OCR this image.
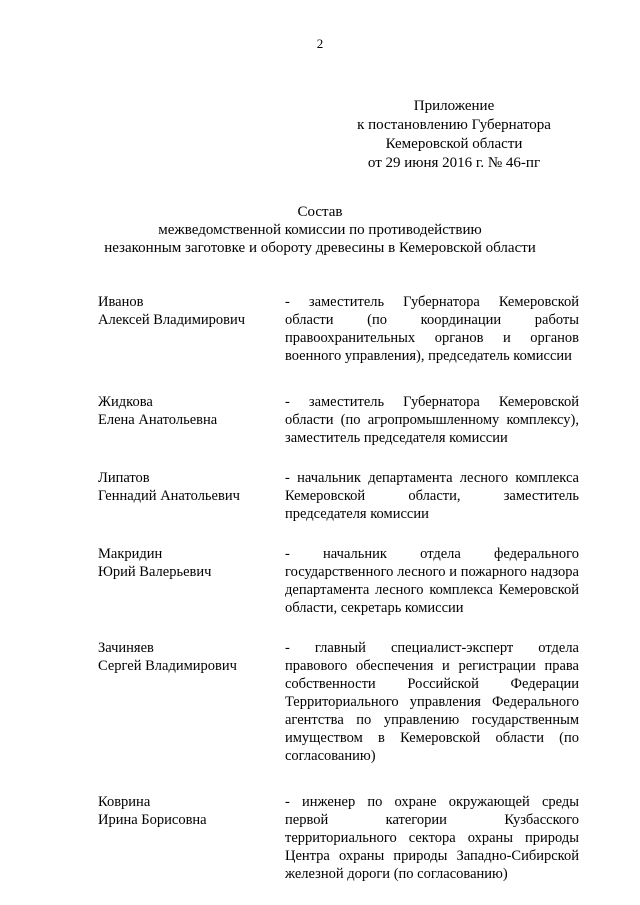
2
Приложение
к постановлению Губернатора
Кемеровской области
от 29 июня 2016 г. № 46-пг
Состав
межведомственной комиссии по противодействию
незаконным заготовке и обороту древесины в Кемеровской области
Иванов
Алексей Владимирович
- заместитель Губернатора Кемеровской области (по координации работы правоохранительных органов и органов военного управления), председатель комиссии
Жидкова
Елена Анатольевна
- заместитель Губернатора Кемеровской области (по агропромышленному комплексу), заместитель председателя комиссии
Липатов
Геннадий Анатольевич
- начальник департамента лесного комплекса Кемеровской области, заместитель председателя комиссии
Макридин
Юрий Валерьевич
- начальник отдела федерального государственного лесного и пожарного надзора департамента лесного комплекса Кемеровской области, секретарь комиссии
Зачиняев
Сергей Владимирович
- главный специалист-эксперт отдела правового обеспечения и регистрации права собственности Российской Федерации Территориального управления Федерального агентства по управлению государственным имуществом в Кемеровской области (по согласованию)
Коврина
Ирина Борисовна
- инженер по охране окружающей среды первой категории Кузбасского территориального сектора охраны природы Центра охраны природы Западно-Сибирской железной дороги (по согласованию)
